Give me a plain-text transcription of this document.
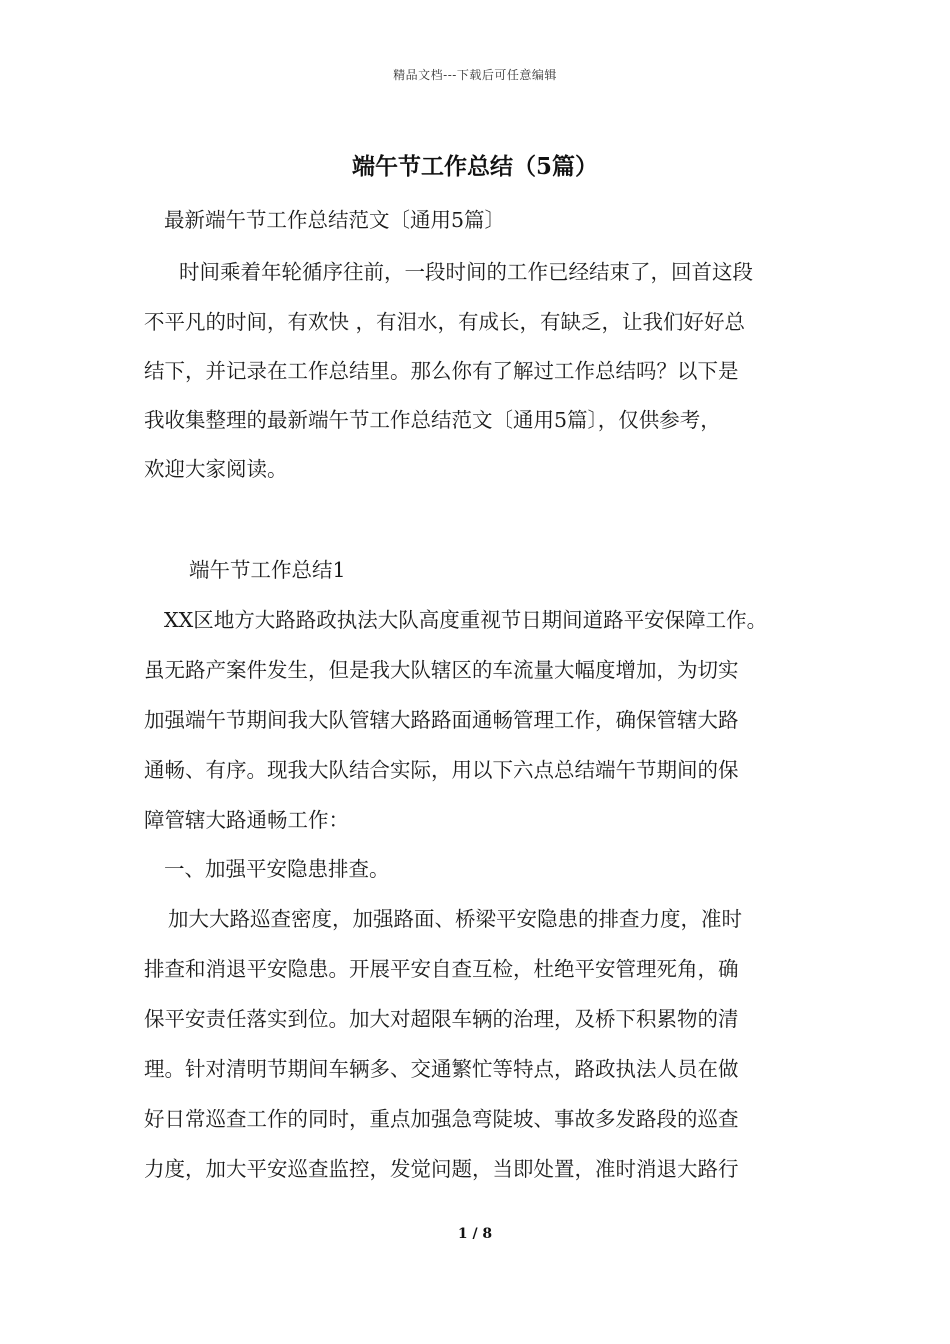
精品文档---下载后可任意编辑
端午节工作总结（5篇）
最新端午节工作总结范文〔通用5篇〕
时间乘着年轮循序往前，一段时间的工作已经结束了，回首这段
不平凡的时间，有欢快 ，有泪水，有成长，有缺乏，让我们好好总
结下，并记录在工作总结里。那么你有了解过工作总结吗？以下是
我收集整理的最新端午节工作总结范文〔通用5篇〕，仅供参考，
欢迎大家阅读。
端午节工作总结1
XX区地方大路路政执法大队高度重视节日期间道路平安保障工作。
虽无路产案件发生，但是我大队辖区的车流量大幅度增加，为切实
加强端午节期间我大队管辖大路路面通畅管理工作，确保管辖大路
通畅、有序。现我大队结合实际，用以下六点总结端午节期间的保
障管辖大路通畅工作：
一、加强平安隐患排查。
加大大路巡查密度，加强路面、桥梁平安隐患的排查力度，准时
排查和消退平安隐患。开展平安自查互检，杜绝平安管理死角，确
保平安责任落实到位。加大对超限车辆的治理，及桥下积累物的清
理。针对清明节期间车辆多、交通繁忙等特点，路政执法人员在做
好日常巡查工作的同时，重点加强急弯陡坡、事故多发路段的巡查
力度，加大平安巡查监控，发觉问题，当即处置，准时消退大路行
1 / 8
